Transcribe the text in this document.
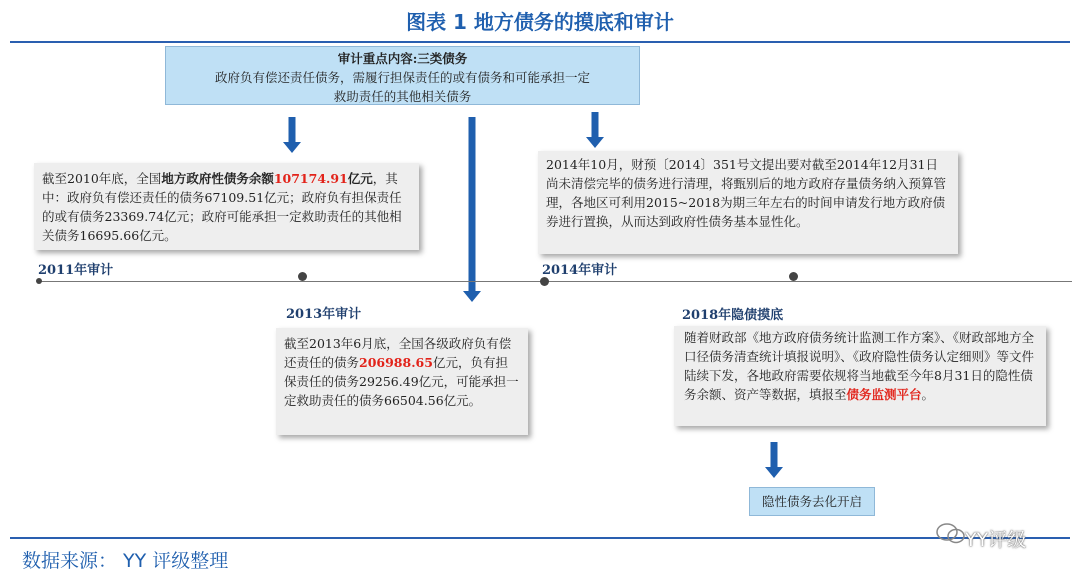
图表 1 地方债务的摸底和审计
审计重点内容:三类债务
政府负有偿还责任债务，需履行担保责任的或有债务和可能承担一定
救助责任的其他相关债务
截至2010年底，全国地方政府性债务余额107174.91亿元，其中：政府负有偿还责任的债务67109.51亿元；政府负有担保责任的或有债务23369.74亿元；政府可能承担一定救助责任的其他相关债务16695.66亿元。
2014年10月，财预〔2014〕351号文提出要对截至2014年12月31日尚未清偿完毕的债务进行清理，将甄别后的地方政府存量债务纳入预算管理，各地区可利用2015~2018为期三年左右的时间申请发行地方政府债券进行置换，从而达到政府性债务基本显性化。
2011年审计	2014年审计
2013年审计	2018年隐债摸底
截至2013年6月底，全国各级政府负有偿还责任的债务206988.65亿元，负有担保责任的债务29256.49亿元，可能承担一定救助责任的债务66504.56亿元。
随着财政部《地方政府债务统计监测工作方案》、《财政部地方全口径债务清查统计填报说明》、《政府隐性债务认定细则》等文件陆续下发，各地政府需要依规将当地截至今年8月31日的隐性债务余额、资产等数据，填报至债务监测平台。
隐性债务去化开启
数据来源： YY 评级整理
YY评级
